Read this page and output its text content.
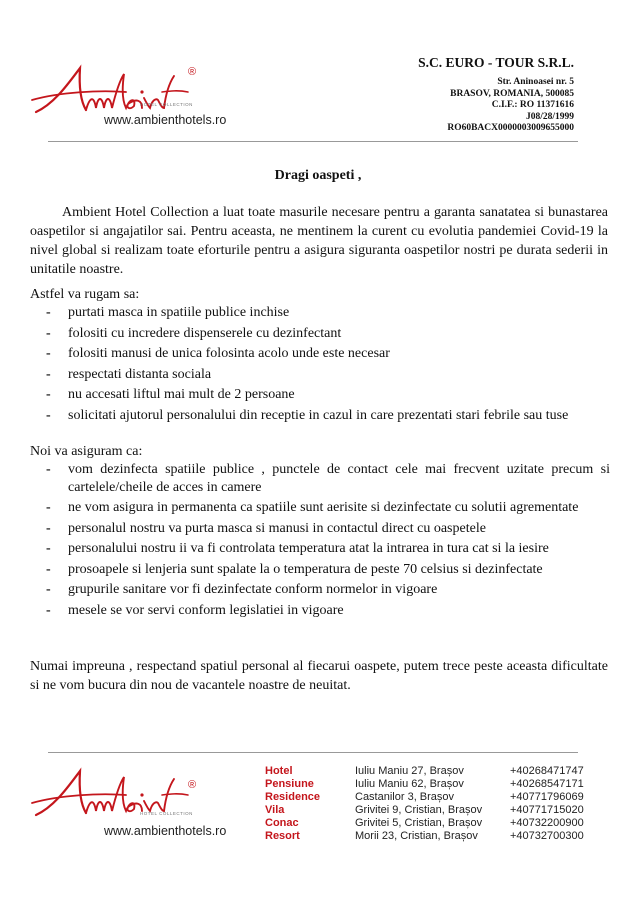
®
HOTEL COLLECTION
www.ambienthotels.ro
S.C. EURO - TOUR S.R.L.
Str. Aninoasei nr. 5
BRASOV, ROMANIA, 500085
C.I.F.: RO 11371616
J08/28/1999
RO60BACX0000003009655000
Dragi oaspeti ,
Ambient Hotel Collection a luat toate masurile necesare pentru a garanta sanatatea si bunastarea oaspetilor si angajatilor sai. Pentru aceasta, ne mentinem la curent cu evolutia pandemiei Covid-19 la nivel global si realizam toate eforturile pentru a asigura siguranta oaspetilor nostri pe durata sederii in unitatile noastre.
Astfel va rugam sa:
- purtati masca in spatiile publice inchise
- folositi cu incredere dispenserele cu dezinfectant
- folositi manusi de unica folosinta acolo unde este necesar
- respectati distanta sociala
- nu accesati liftul mai mult de 2 persoane
- solicitati ajutorul personalului din receptie in cazul in care prezentati stari febrile sau tuse
Noi va asiguram ca:
- vom dezinfecta spatiile publice , punctele de contact cele mai frecvent uzitate precum si cartelele/cheile de acces in camere
- ne vom asigura in permanenta ca spatiile sunt aerisite si dezinfectate cu solutii agrementate
- personalul nostru va purta masca si manusi in contactul direct cu oaspetele
- personalului nostru ii va fi controlata temperatura atat la intrarea in tura cat si la iesire
- prosoapele si lenjeria sunt spalate la o temperatura de peste 70 celsius si dezinfectate
- grupurile sanitare vor fi dezinfectate conform normelor in vigoare
- mesele se vor servi conform legislatiei in vigoare
Numai impreuna , respectand spatiul personal al fiecarui oaspete, putem trece peste aceasta dificultate si ne vom bucura din nou de vacantele noastre de neuitat.
®
HOTEL COLLECTION
www.ambienthotels.ro
Hotel	Iuliu Maniu 27, Brașov	+40268471747
Pensiune	Iuliu Maniu 62, Brașov	+40268547171
Residence	Castanilor 3, Brașov	+40771796069
Vila	Grivitei 9, Cristian, Brașov	+40771715020
Conac	Grivitei 5, Cristian, Brașov	+40732200900
Resort	Morii 23, Cristian, Brașov	+40732700300
